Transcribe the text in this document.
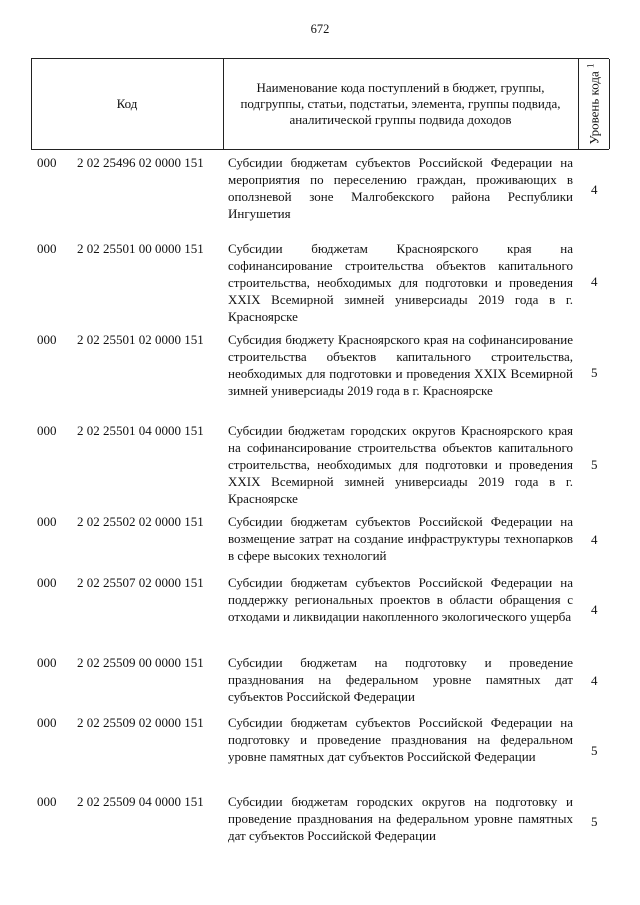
672
Код
Наименование кода поступлений в бюджет, группы, подгруппы, статьи, подстатьи, элемента, группы подвида, аналитической группы подвида доходов	Уровень кода $^1$
000 2 02 25496 02 0000 151 Субсидии бюджетам субъектов Российской Федерации на мероприятия по переселению граждан, проживающих в оползневой зоне Малгобекского района Республики Ингушетия
4
000 2 02 25501 00 0000 151 Субсидии бюджетам Красноярского края на софинансирование строительства объектов капитального строительства, необходимых для подготовки и проведения XXIX Всемирной зимней универсиады 2019 года в г. Красноярске
4
000 2 02 25501 02 0000 151 Субсидия бюджету Красноярского края на софинансирование строительства объектов капитального строительства, необходимых для подготовки и проведения XXIX Всемирной зимней универсиады 2019 года в г. Красноярске
5
000 2 02 25501 04 0000 151 Субсидии бюджетам городских округов Красноярского края на софинансирование строительства объектов капитального строительства, необходимых для подготовки и проведения XXIX Всемирной зимней универсиады 2019 года в г. Красноярске
5
000 2 02 25502 02 0000 151 Субсидии бюджетам субъектов Российской Федерации на возмещение затрат на создание инфраструктуры технопарков в сфере высоких технологий
4
000 2 02 25507 02 0000 151 Субсидии бюджетам субъектов Российской Федерации на поддержку региональных проектов в области обращения с отходами и ликвидации накопленного экологического ущерба 4
000 2 02 25509 00 0000 151 Субсидии бюджетам на подготовку и проведение празднования на федеральном уровне памятных дат субъектов Российской Федерации
4
000 2 02 25509 02 0000 151 Субсидии бюджетам субъектов Российской Федерации на подготовку и проведение празднования на федеральном уровне памятных дат субъектов Российской Федерации	5
000 2 02 25509 04 0000 151 Субсидии бюджетам городских округов на подготовку и проведение празднования на федеральном уровне памятных дат субъектов Российской Федерации
5
